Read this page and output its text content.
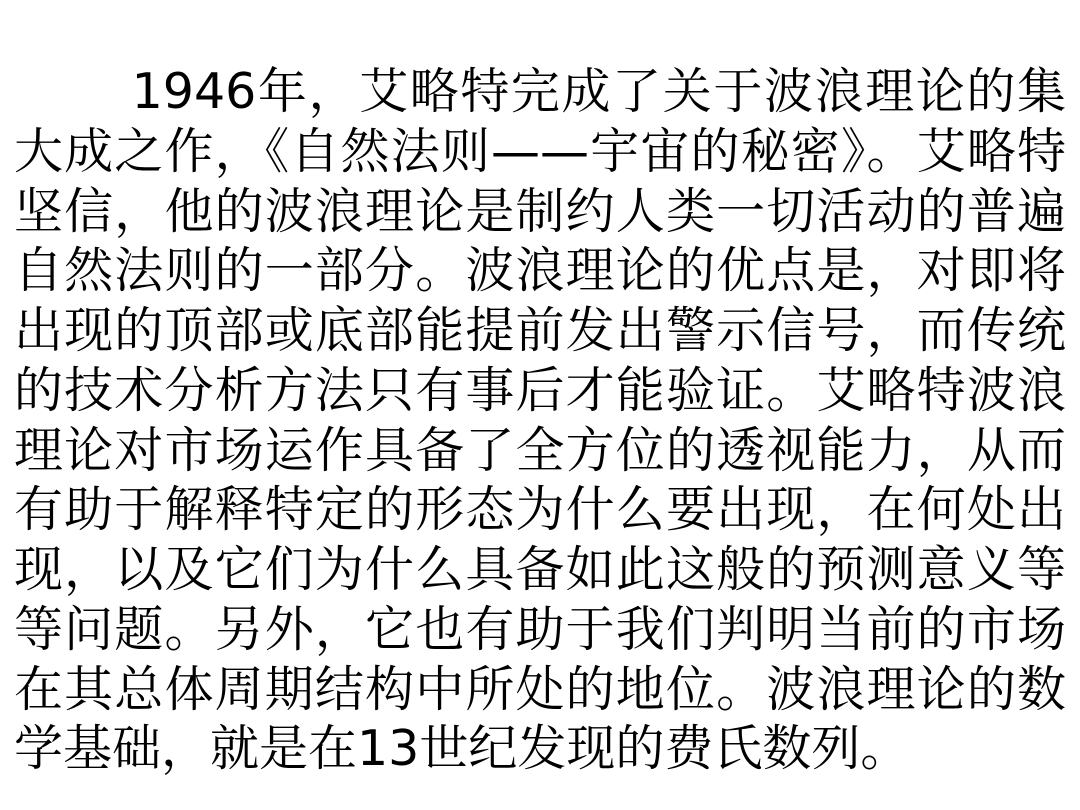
1946年，艾略特完成了关于波浪理论的集大成之作，《自然法则——宇宙的秘密》。艾略特坚信，他的波浪理论是制约人类一切活动的普遍自然法则的一部分。波浪理论的优点是，对即将出现的顶部或底部能提前发出警示信号，而传统的技术分析方法只有事后才能验证。艾略特波浪理论对市场运作具备了全方位的透视能力，从而有助于解释特定的形态为什么要出现，在何处出现，以及它们为什么具备如此这般的预测意义等等问题。另外，它也有助于我们判明当前的市场在其总体周期结构中所处的地位。波浪理论的数学基础，就是在13世纪发现的费氏数列。
